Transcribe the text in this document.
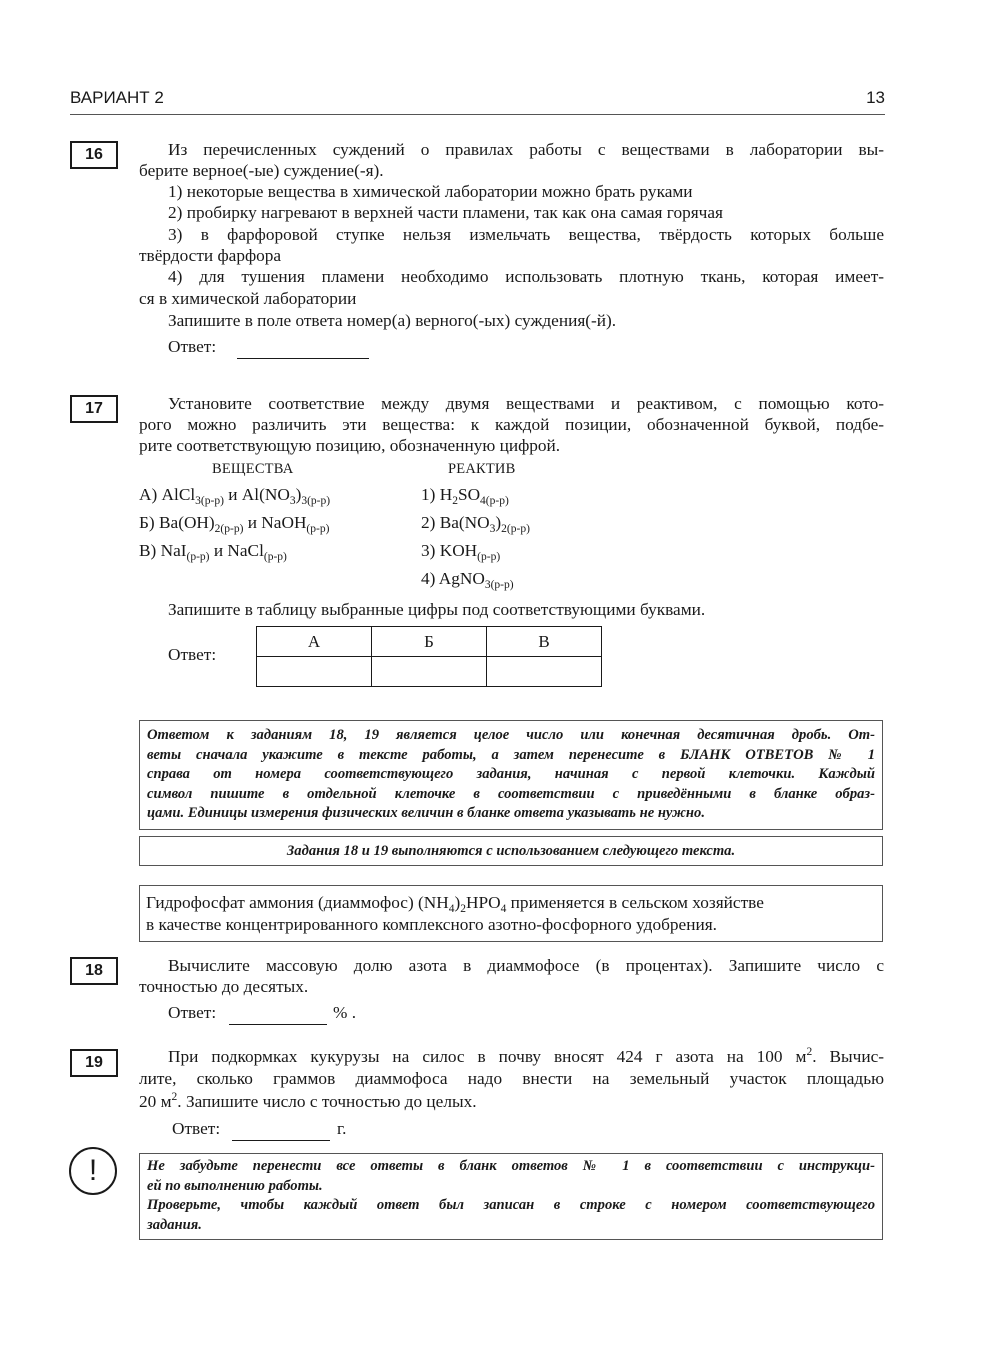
ВАРИАНТ 2	13
16	Из перечисленных суждений о правилах работы с веществами в лаборатории вы-
берите верное(-ые) суждение(-я).
1) некоторые вещества в химической лаборатории можно брать руками
2) пробирку нагревают в верхней части пламени, так как она самая горячая
3) в фарфоровой ступке нельзя измельчать вещества, твёрдость которых больше
твёрдости фарфора
4) для тушения пламени необходимо использовать плотную ткань, которая имеет-
ся в химической лаборатории
Запишите в поле ответа номер(а) верного(-ых) суждения(-й).
Ответ:
17	Установите соответствие между двумя веществами и реактивом, с помощью кото-
рого можно различить эти вещества: к каждой позиции, обозначенной буквой, подбе-
рите соответствующую позицию, обозначенную цифрой.
ВЕЩЕСТВА	РЕАКТИВ
А) AlCl$_{3(р-р)}$ и $Al(NO_3)_{3(р-р)}$
Б) $Ba(OH)_{2(р-р)}$ и NaOH$_{(р-р)}$
В) NaI$_{(р-р)}$ и NaCl$_{(р-р)}$
1) $H_2SO_{4(р-р)}$
2) $Ba(NO_3)_{2(р-р)}$
3) $KOH_{(р-р)}$
4) AgNO$_{3(р-р)}$
Запишите в таблицу выбранные цифры под соответствующими буквами.
Ответ:
А	Б	В

Ответом к заданиям 18, 19 является целое число или конечная десятичная дробь. От-
веты сначала укажите в тексте работы, а затем перенесите в БЛАНК ОТВЕТОВ № 1
справа от номера соответствующего задания, начиная с первой клеточки. Каждый
символ пишите в отдельной клеточке в соответствии с приведёнными в бланке образ-
цами. Единицы измерения физических величин в бланке ответа указывать не нужно.
Задания 18 и 19 выполняются с использованием следующего текста.
Гидрофосфат аммония (диаммофос) $(NH_4)_2HPO_4$ применяется в сельском хозяйстве
в качестве концентрированного комплексного азотно-фосфорного удобрения.
18	Вычислите массовую долю азота в диаммофосе (в процентах). Запишите число с
точностью до десятых.
Ответ:	% .
19	При подкормках кукурузы на силос в почву вносят 424 г азота на 100 $м^2$. Вычис-
лите, сколько граммов диаммофоса надо внести на земельный участок площадью
20 $м^2$. Запишите число с точностью до целых.
Ответ:	г.
!	Не забудьте перенести все ответы в бланк ответов № 1 в соответствии с инструкци-
ей по выполнению работы.
Проверьте, чтобы каждый ответ был записан в строке с номером соответствующего
задания.
